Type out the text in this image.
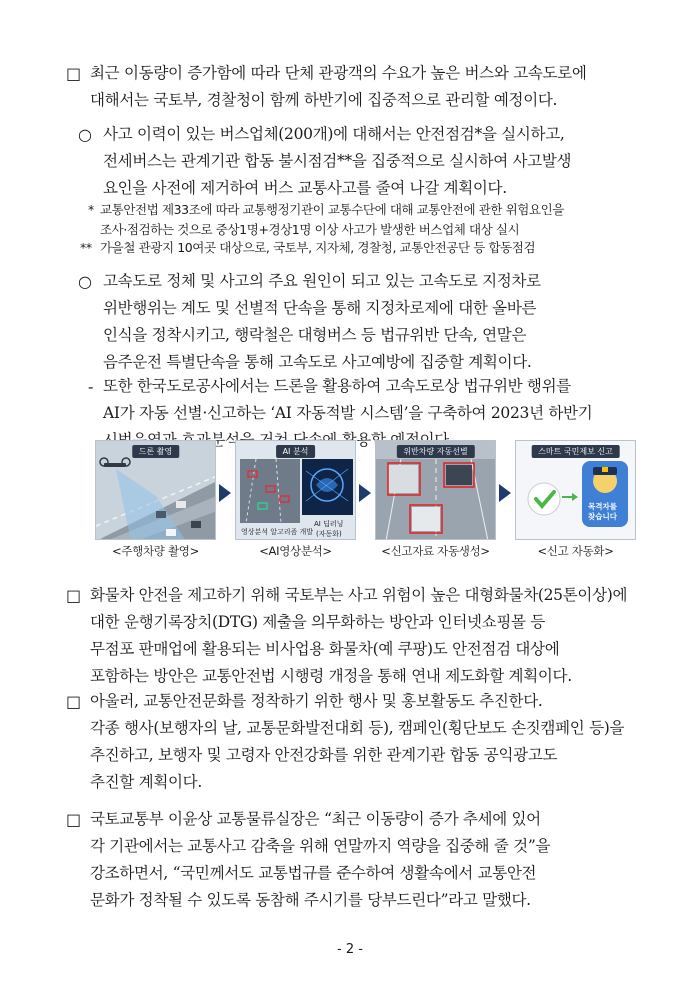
□ 최근 이동량이 증가함에 따라 단체 관광객의 수요가 높은 버스와 고속도로에
대해서는 국토부, 경찰청이 함께 하반기에 집중적으로 관리할 예정이다.
○ 사고 이력이 있는 버스업체(200개)에 대해서는 안전점검*을 실시하고,
전세버스는 관계기관 합동 불시점검**을 집중적으로 실시하여 사고발생
요인을 사전에 제거하여 버스 교통사고를 줄여 나갈 계획이다.
* 교통안전법 제33조에 따라 교통행정기관이 교통수단에 대해 교통안전에 관한 위험요인을
조사·점검하는 것으로 중상1명+경상1명 이상 사고가 발생한 버스업체 대상 실시
** 가을철 관광지 10여곳 대상으로, 국토부, 지자체, 경찰청, 교통안전공단 등 합동점검
○ 고속도로 정체 및 사고의 주요 원인이 되고 있는 고속도로 지정차로
위반행위는 계도 및 선별적 단속을 통해 지정차로제에 대한 올바른
인식을 정착시키고, 행락철은 대형버스 등 법규위반 단속, 연말은
음주운전 특별단속을 통해 고속도로 사고예방에 집중할 계획이다.
- 또한 한국도로공사에서는 드론을 활용하여 고속도로상 법규위반 행위를
AI가 자동 선별·신고하는 ‘AI 자동적발 시스템’을 구축하여 2023년 하반기
효과분석을 활용할
드론 촬영
<주행차량 촬영>
AI 분석
영상분석 알고리즘 개발
AI 딥러닝
(자동화)
<AI영상분석>
위반차량 자동선별
<신고자료 자동생성>
스마트 국민제보 신고
목격자를
찾습니다
<신고 자동화>
□ 화물차 안전을 제고하기 위해 국토부는 사고 위험이 높은 대형화물차(25톤이상)에
대한 운행기록장치(DTG) 제출을 의무화하는 방안과 인터넷쇼핑몰 등
무점포 판매업에 활용되는 비사업용 화물차(예 쿠팡)도 안전점검 대상에
포함하는 방안은 교통안전법 시행령 개정을 통해 연내 제도화할 계획이다.
□ 아울러, 교통안전문화를 정착하기 위한 행사 및 홍보활동도 추진한다.
각종 행사(보행자의 날, 교통문화발전대회 등), 캠페인(횡단보도 손짓캠페인 등)을
추진하고, 보행자 및 고령자 안전강화를 위한 관계기관 합동 공익광고도
추진할 계획이다.
□ 국토교통부 이윤상 교통물류실장은 “최근 이동량이 증가 추세에 있어
각 기관에서는 교통사고 감축을 위해 연말까지 역량을 집중해 줄 것”을
강조하면서, “국민께서도 교통법규를 준수하여 생활속에서 교통안전
문화가 정착될 수 있도록 동참해 주시기를 당부드린다”라고 말했다.
- 2 -
